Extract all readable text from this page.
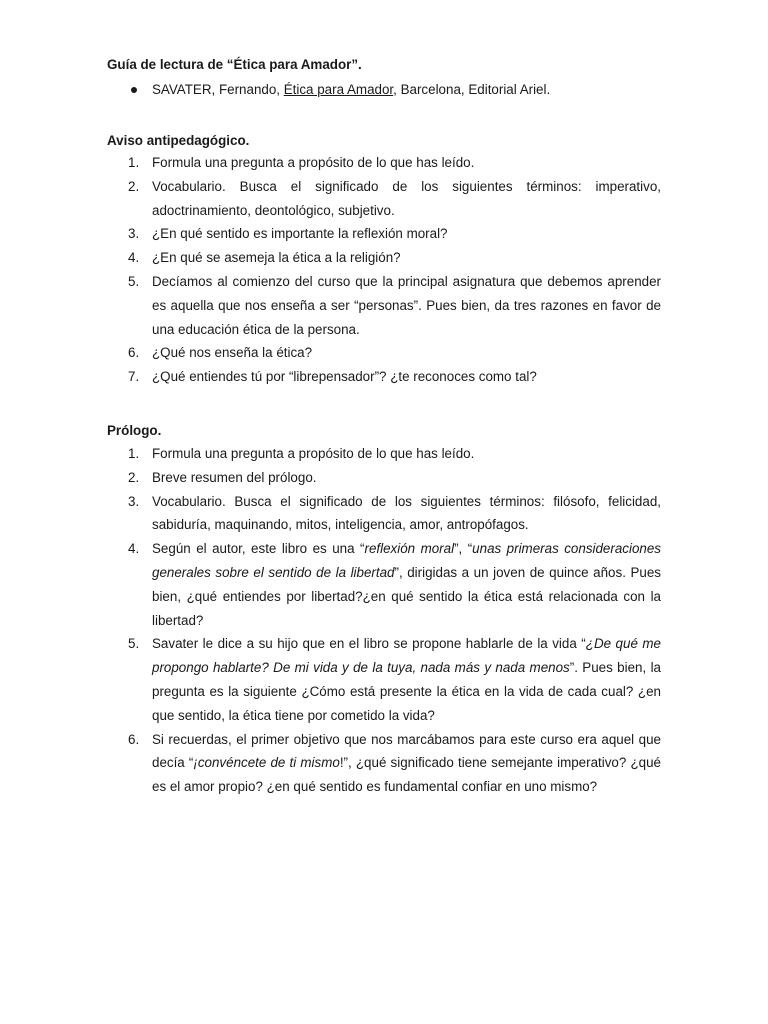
Guía de lectura de “Ética para Amador”.
SAVATER, Fernando, Ética para Amador, Barcelona, Editorial Ariel.
Aviso antipedagógico.
1. Formula una pregunta a propósito de lo que has leído.
2. Vocabulario. Busca el significado de los siguientes términos: imperativo, adoctrinamiento, deontológico, subjetivo.
3. ¿En qué sentido es importante la reflexión moral?
4. ¿En qué se asemeja la ética a la religión?
5. Decíamos al comienzo del curso que la principal asignatura que debemos aprender es aquella que nos enseña a ser “personas”. Pues bien, da tres razones en favor de una educación ética de la persona.
6. ¿Qué nos enseña la ética?
7. ¿Qué entiendes tú por “librepensador”? ¿te reconoces como tal?
Prólogo.
1. Formula una pregunta a propósito de lo que has leído.
2. Breve resumen del prólogo.
3. Vocabulario. Busca el significado de los siguientes términos: filósofo, felicidad, sabiduría, maquinando, mitos, inteligencia, amor, antropófagos.
4. Según el autor, este libro es una “reflexión moral”, “unas primeras consideraciones generales sobre el sentido de la libertad”, dirigidas a un joven de quince años. Pues bien, ¿qué entiendes por libertad?¿en qué sentido la ética está relacionada con la libertad?
5. Savater le dice a su hijo que en el libro se propone hablarle de la vida “¿De qué me propongo hablarte? De mi vida y de la tuya, nada más y nada menos”. Pues bien, la pregunta es la siguiente ¿Cómo está presente la ética en la vida de cada cual? ¿en que sentido, la ética tiene por cometido la vida?
6. Si recuerdas, el primer objetivo que nos marcábamos para este curso era aquel que decía “¡convéncete de ti mismo!”, ¿qué significado tiene semejante imperativo? ¿qué es el amor propio? ¿en qué sentido es fundamental confiar en uno mismo?
